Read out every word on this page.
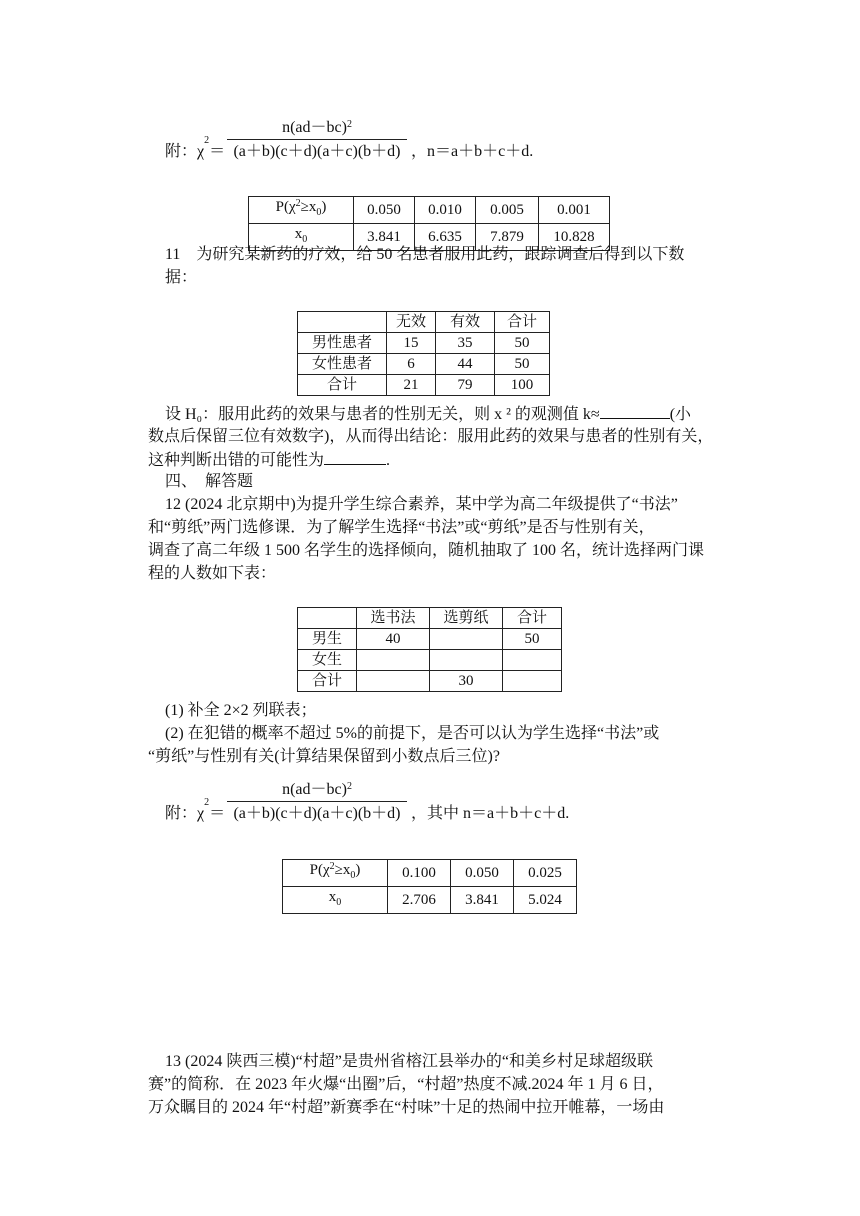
附：$\chi^2=$
$n(ad-bc)^2$
(a＋b)(c＋d)(a＋c)(b＋d) ，n＝a＋b＋c＋d.
$P(\chi^2\ge x_0)$	0.050	0.010	0.005	0.001
$x_0$	3.841	6.635	7.879	10.828
11　为研究某新药的疗效，给 50 名患者服用此药，跟踪调查后得到以下数
据：
	无效	有效	合计
男性患者	15	35	50
女性患者	6	44	50
合计	21	79	100
设 H₀：服用此药的效果与患者的性别无关，则 x ² 的观测值 k≈	(小
数点后保留三位有效数字)，从而得出结论：服用此药的效果与患者的性别有关，
这种判断出错的可能性为	.
四、　解答题
12 (2024 北京期中)为提升学生综合素养，某中学为高二年级提供了“书法”
和“剪纸”两门选修课．为了解学生选择“书法”或“剪纸”是否与性别有关，
调查了高二年级 1 500 名学生的选择倾向，随机抽取了 100 名，统计选择两门课
程的人数如下表：
	选书法	选剪纸	合计
男生	40		50
女生			
合计		30	
(1) 补全 2×2 列联表；
(2) 在犯错的概率不超过 5%的前提下，是否可以认为学生选择“书法”或
“剪纸”与性别有关(计算结果保留到小数点后三位)?
附：$\chi^2=$
$n(ad-bc)^2$
(a＋b)(c＋d)(a＋c)(b＋d) ，其中 n＝a＋b＋c＋d.
$P(\chi^2\ge x_0)$	0.100	0.050	0.025
$x_0$	2.706	3.841	5.024
13 (2024 陕西三模)“村超”是贵州省榕江县举办的“和美乡村足球超级联
赛”的简称．在 2023 年火爆“出圈”后，“村超”热度不减.2024 年 1 月 6 日，
万众瞩目的 2024 年“村超”新赛季在“村味”十足的热闹中拉开帷幕，一场由
